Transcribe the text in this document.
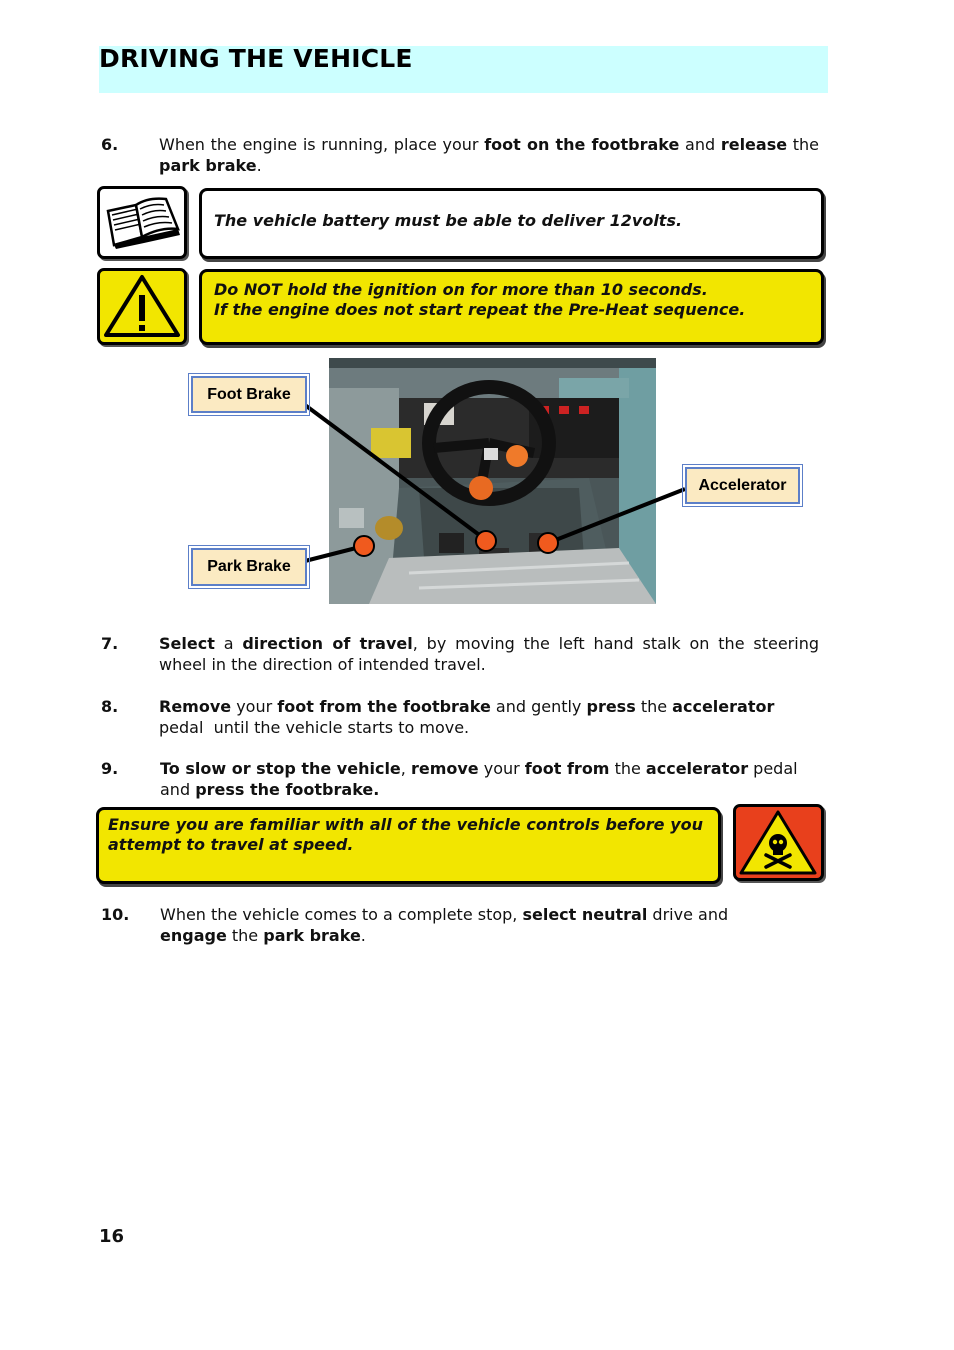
DRIVING THE VEHICLE
6.	When the engine is running, place your foot on the footbrake and release the park brake.
The vehicle battery must be able to deliver 12volts.
Do NOT hold the ignition on for more than 10 seconds.
If the engine does not start repeat the Pre-Heat sequence.
Foot Brake
Park Brake
Accelerator
7.	Select a direction of travel, by moving the left hand stalk on the steering wheel in the direction of intended travel.
8.	Remove your foot from the footbrake and gently press the accelerator pedal  until the vehicle starts to move.
9.	To slow or stop the vehicle, remove your foot from the accelerator pedal and press the footbrake.
Ensure you are familiar with all of the vehicle controls before you attempt to travel at speed.
10. When the vehicle comes to a complete stop, select neutral drive and engage the park brake.
16
